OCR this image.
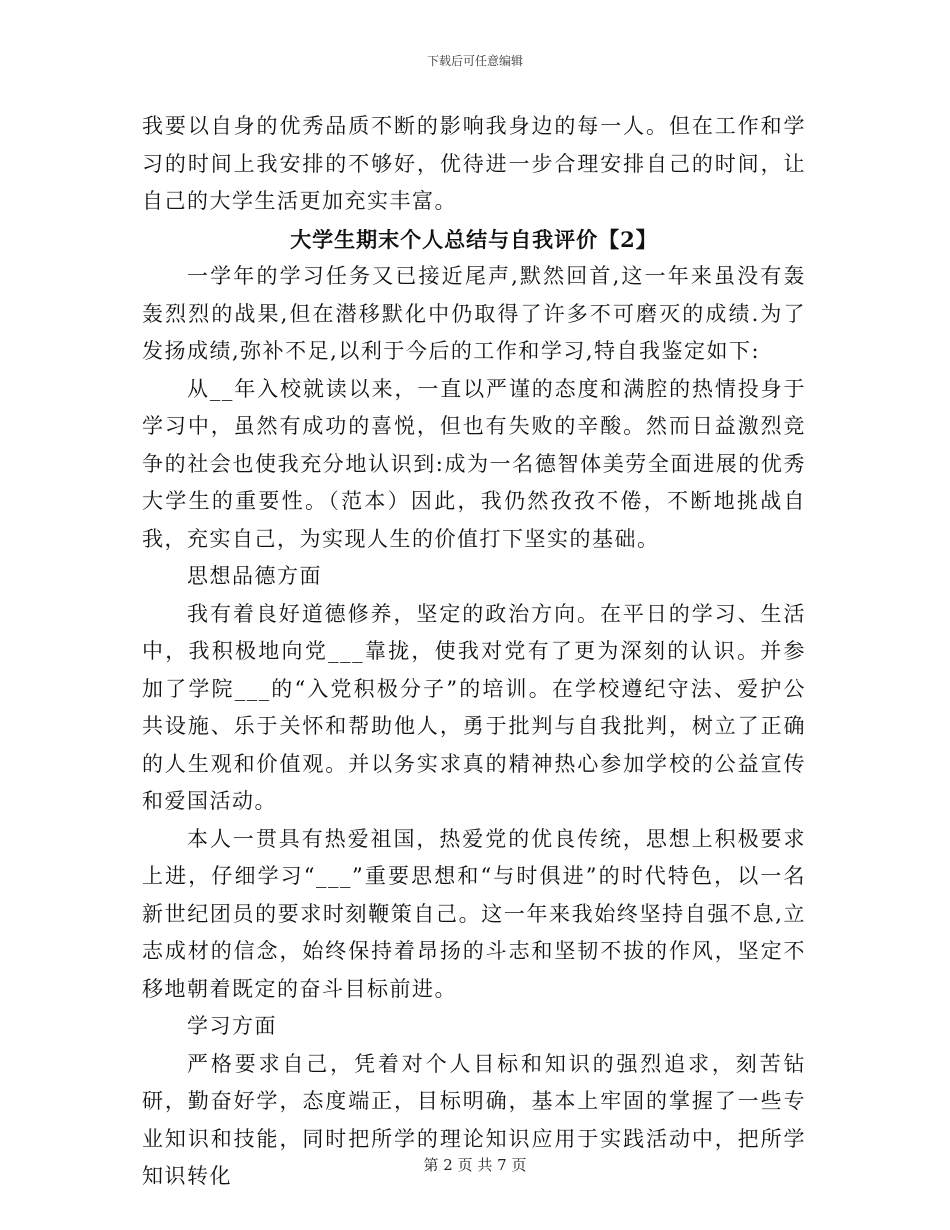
下载后可任意编辑

我要以自身的优秀品质不断的影响我身边的每一人。但在工作和学习的时间上我安排的不够好，优待进一步合理安排自己的时间，让自己的大学生活更加充实丰富。

大学生期末个人总结与自我评价【2】

一学年的学习任务又已接近尾声,默然回首,这一年来虽没有轰轰烈烈的战果,但在潜移默化中仍取得了许多不可磨灭的成绩.为了发扬成绩,弥补不足,以利于今后的工作和学习,特自我鉴定如下:

从__年入校就读以来，一直以严谨的态度和满腔的热情投身于学习中，虽然有成功的喜悦，但也有失败的辛酸。然而日益激烈竞争的社会也使我充分地认识到:成为一名德智体美劳全面进展的优秀大学生的重要性。（范本）因此，我仍然孜孜不倦，不断地挑战自我，充实自己，为实现人生的价值打下坚实的基础。

思想品德方面

我有着良好道德修养，坚定的政治方向。在平日的学习、生活中，我积极地向党___靠拢，使我对党有了更为深刻的认识。并参加了学院___的“入党积极分子”的培训。在学校遵纪守法、爱护公共设施、乐于关怀和帮助他人，勇于批判与自我批判，树立了正确的人生观和价值观。并以务实求真的精神热心参加学校的公益宣传和爱国活动。

本人一贯具有热爱祖国，热爱党的优良传统，思想上积极要求上进，仔细学习“___”重要思想和“与时俱进”的时代特色，以一名新世纪团员的要求时刻鞭策自己。这一年来我始终坚持自强不息,立志成材的信念，始终保持着昂扬的斗志和坚韧不拔的作风，坚定不移地朝着既定的奋斗目标前进。

学习方面

严格要求自己，凭着对个人目标和知识的强烈追求，刻苦钻研，勤奋好学，态度端正，目标明确，基本上牢固的掌握了一些专业知识和技能，同时把所学的理论知识应用于实践活动中，把所学知识转化	第 2 页 共 7 页
